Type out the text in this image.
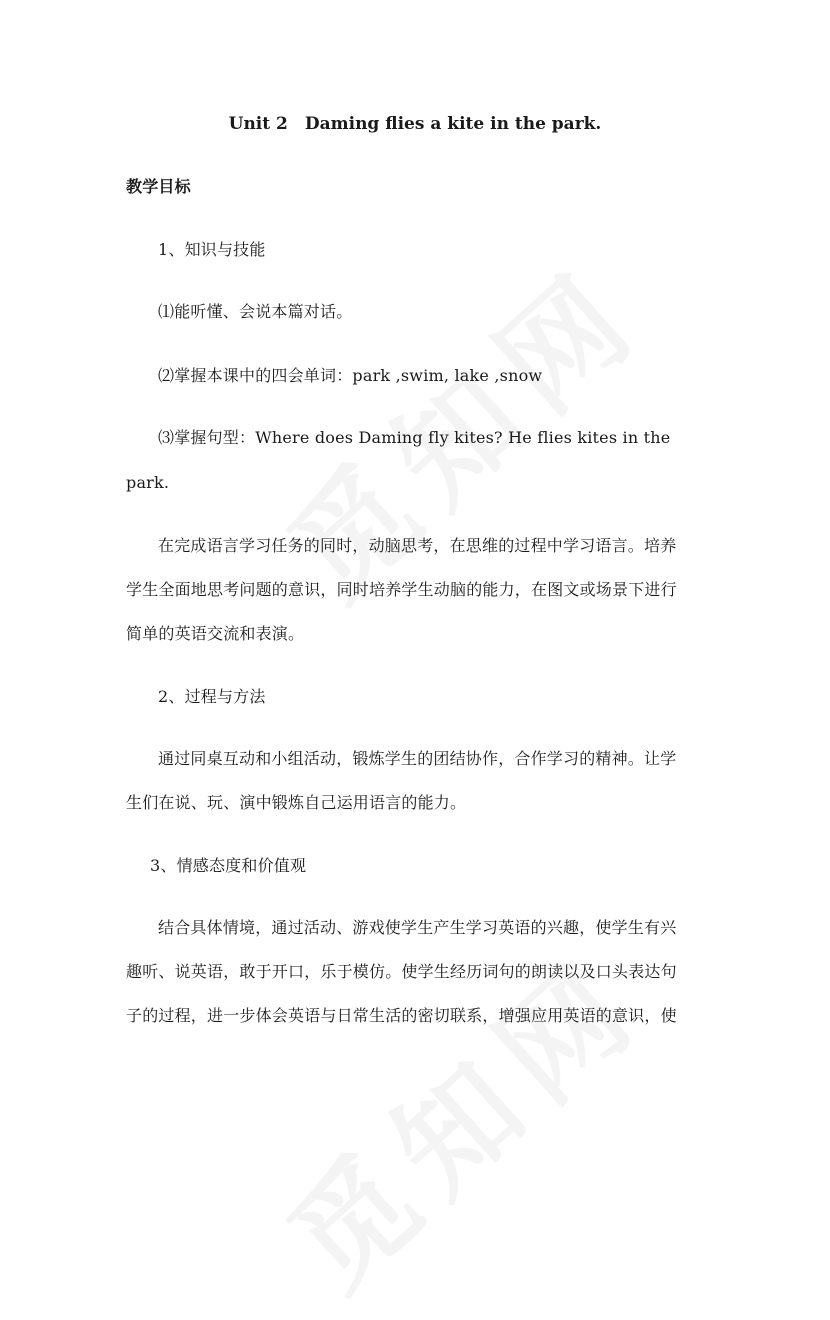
Unit 2　Daming flies a kite in the park.
教学目标
1、知识与技能
⑴能听懂、会说本篇对话。
⑵掌握本课中的四会单词：park ,swim, lake ,snow
⑶掌握句型：Where does Daming fly kites? He flies kites in the
park.
在完成语言学习任务的同时，动脑思考，在思维的过程中学习语言。培养
学生全面地思考问题的意识，同时培养学生动脑的能力，在图文或场景下进行
简单的英语交流和表演。
2、过程与方法
通过同桌互动和小组活动，锻炼学生的团结协作，合作学习的精神。让学
生们在说、玩、演中锻炼自己运用语言的能力。
3、情感态度和价值观
结合具体情境，通过活动、游戏使学生产生学习英语的兴趣，使学生有兴
趣听、说英语，敢于开口，乐于模仿。使学生经历词句的朗读以及口头表达句
子的过程，进一步体会英语与日常生活的密切联系，增强应用英语的意识，使
